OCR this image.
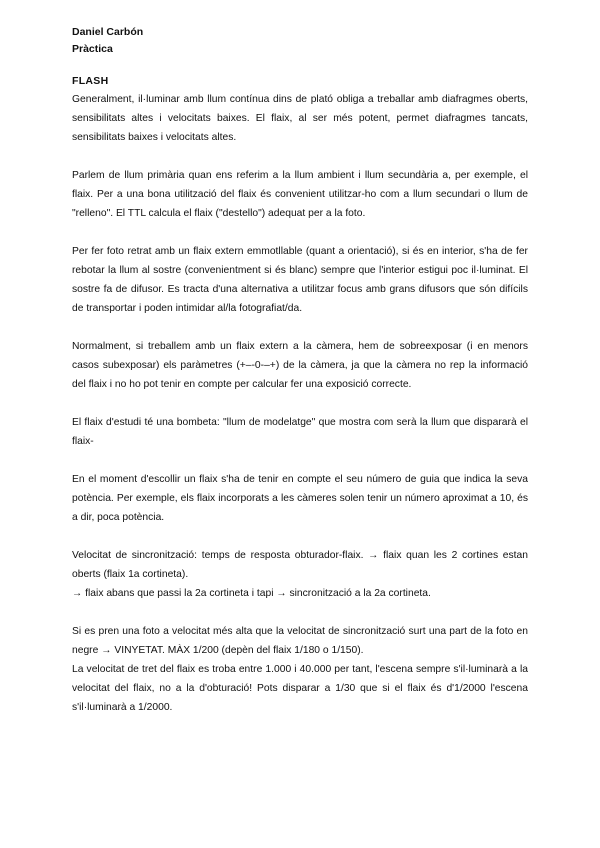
Daniel Carbón

Pràctica

FLASH

Generalment, il·luminar amb llum contínua dins de plató obliga a treballar amb diafragmes oberts, sensibilitats altes i velocitats baixes. El flaix, al ser més potent, permet diafragmes tancats, sensibilitats baixes i velocitats altes.

Parlem de llum primària quan ens referim a la llum ambient i llum secundària a, per exemple, el flaix. Per a una bona utilització del flaix és convenient utilitzar-ho com a llum secundari o llum de "relleno". El TTL calcula el flaix ("destello") adequat per a la foto.

Per fer foto retrat amb un flaix extern emmotllable (quant a orientació), si és en interior, s'ha de fer rebotar la llum al sostre (convenientment si és blanc) sempre que l'interior estigui poc il·luminat. El sostre fa de difusor. Es tracta d'una alternativa a utilitzar focus amb grans difusors que són difícils de transportar i poden intimidar al/la fotografiat/da.

Normalment, si treballem amb un flaix extern a la càmera, hem de sobreexposar (i en menors casos subexposar) els paràmetres (+–-0-–+) de la càmera, ja que la càmera no rep la informació del flaix i no ho pot tenir en compte per calcular fer una exposició correcte.

El flaix d'estudi té una bombeta: "llum de modelatge" que mostra com serà la llum que dispararà el flaix-

En el moment d'escollir un flaix s'ha de tenir en compte el seu número de guia que indica la seva potència. Per exemple, els flaix incorporats a les càmeres solen tenir un número aproximat a 10, és a dir, poca potència.

Velocitat de sincronització: temps de resposta obturador-flaix. → flaix quan les 2 cortines estan oberts (flaix 1a cortineta).

→ flaix abans que passi la 2a cortineta i tapi → sincronització a la 2a cortineta.

Si es pren una foto a velocitat més alta que la velocitat de sincronització surt una part de la foto en negre → VINYETAT. MÀX 1/200 (depèn del flaix 1/180 o 1/150).

La velocitat de tret del flaix es troba entre 1.000 i 40.000 per tant, l'escena sempre s'il·luminarà a la velocitat del flaix, no a la d'obturació! Pots disparar a 1/30 que si el flaix és d'1/2000 l'escena s'il·luminarà a 1/2000.
